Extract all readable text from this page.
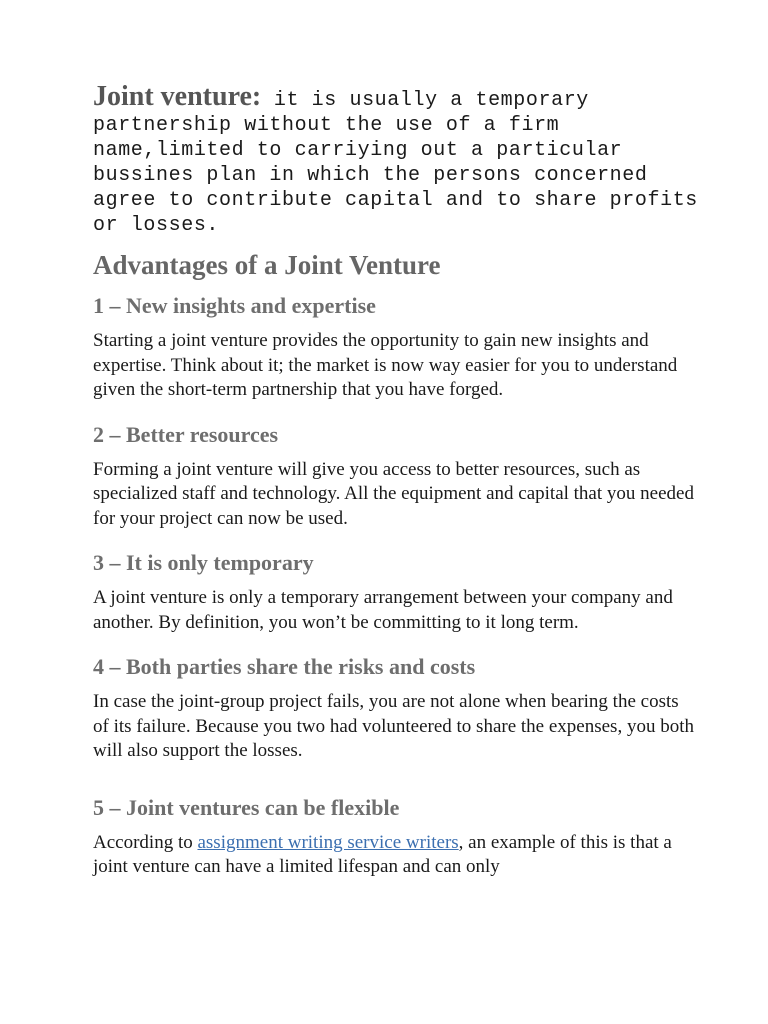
Joint venture: it is usually a temporary partnership without the use of a firm name,limited to carriying out a particular bussines plan in which the persons concerned agree to contribute capital and to share profits or losses.

Advantages of a Joint Venture
1 – New insights and expertise

Starting a joint venture provides the opportunity to gain new insights and expertise. Think about it; the market is now way easier for you to understand given the short-term partnership that you have forged.

2 – Better resources

Forming a joint venture will give you access to better resources, such as specialized staff and technology. All the equipment and capital that you needed for your project can now be used.

3 – It is only temporary

A joint venture is only a temporary arrangement between your company and another. By definition, you won’t be committing to it long term.

4 – Both parties share the risks and costs

In case the joint-group project fails, you are not alone when bearing the costs of its failure. Because you two had volunteered to share the expenses, you both will also support the losses.

5 – Joint ventures can be flexible

According to assignment writing service writers, an example of this is that a joint venture can have a limited lifespan and can only
